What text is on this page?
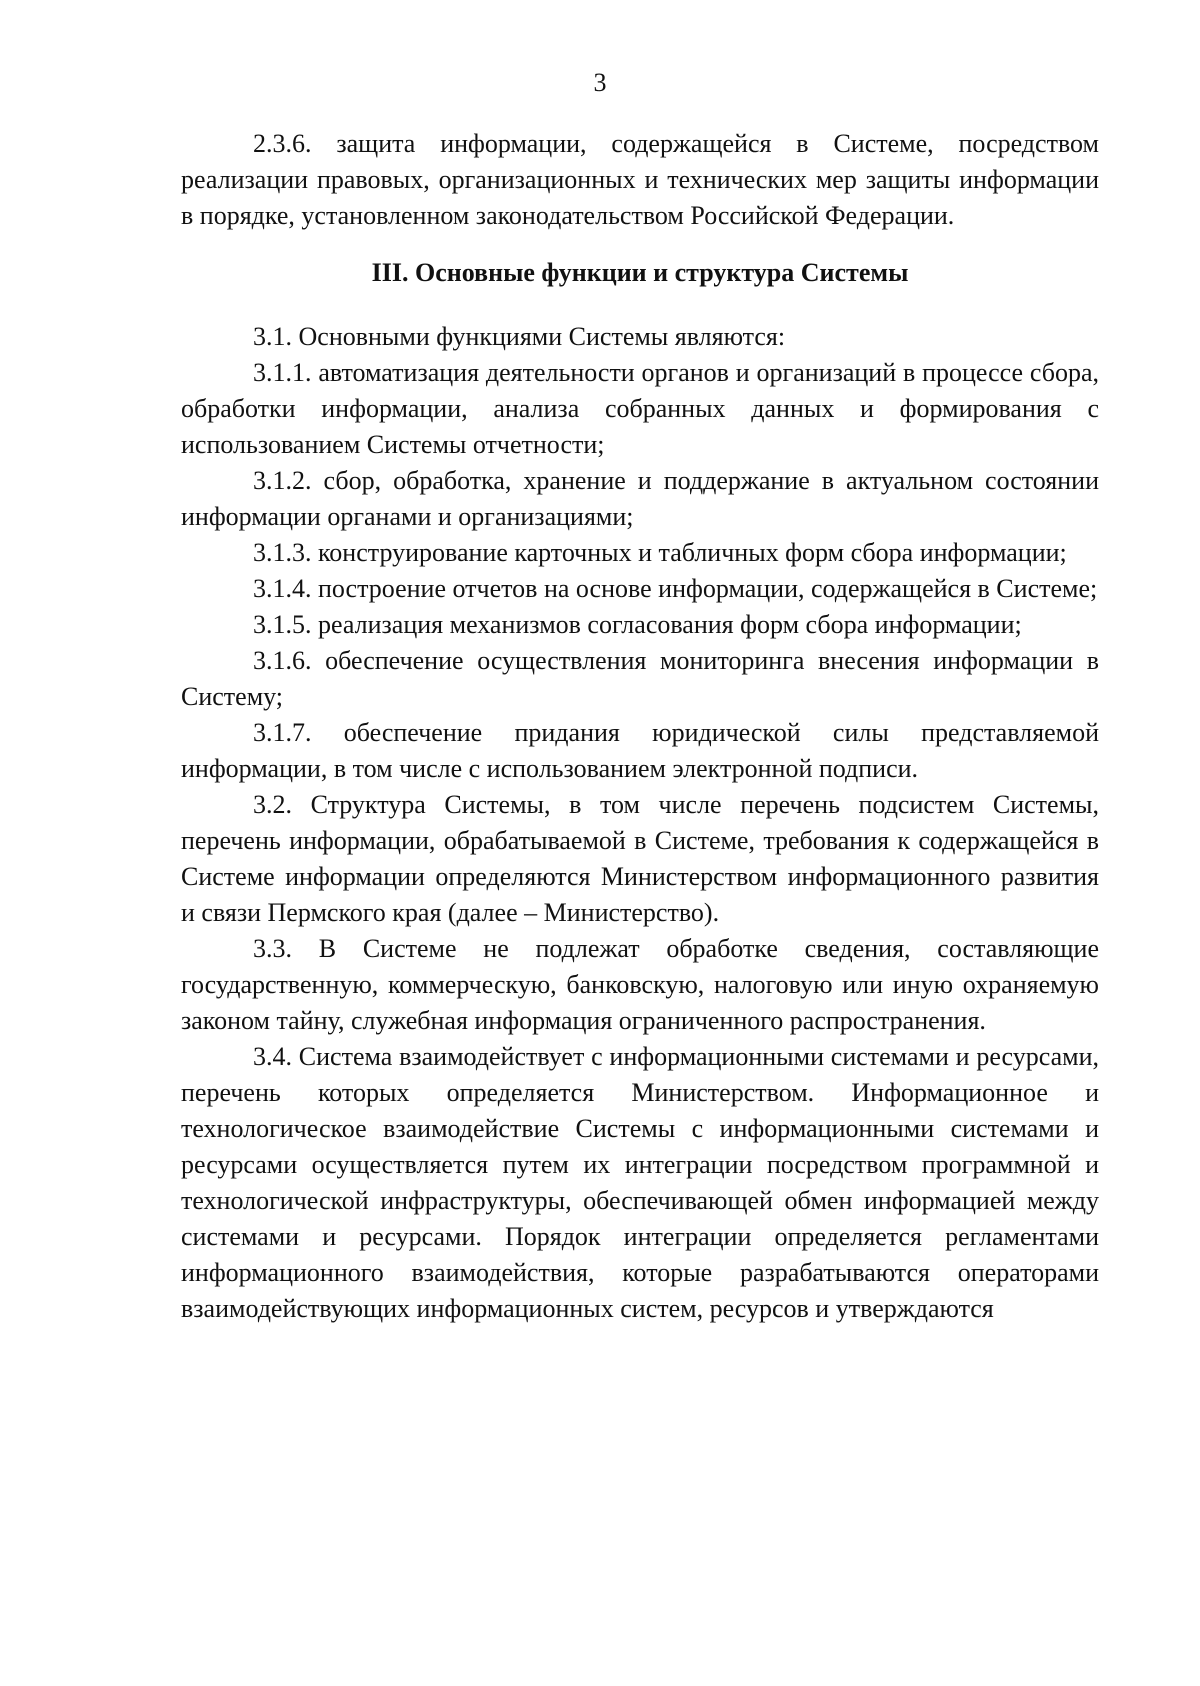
3

2.3.6. защита информации, содержащейся в Системе, посредством реализации правовых, организационных и технических мер защиты информации в порядке, установленном законодательством Российской Федерации.

III. Основные функции и структура Системы

3.1. Основными функциями Системы являются:

3.1.1. автоматизация деятельности органов и организаций в процессе сбора, обработки информации, анализа собранных данных и формирования с использованием Системы отчетности;

3.1.2. сбор, обработка, хранение и поддержание в актуальном состоянии информации органами и организациями;

3.1.3. конструирование карточных и табличных форм сбора информации;

3.1.4. построение отчетов на основе информации, содержащейся в Системе;

3.1.5. реализация механизмов согласования форм сбора информации;

3.1.6. обеспечение осуществления мониторинга внесения информации в Систему;

3.1.7. обеспечение придания юридической силы представляемой информации, в том числе с использованием электронной подписи.

3.2. Структура Системы, в том числе перечень подсистем Системы, перечень информации, обрабатываемой в Системе, требования к содержащейся в Системе информации определяются Министерством информационного развития и связи Пермского края (далее – Министерство).

3.3. В Системе не подлежат обработке сведения, составляющие государственную, коммерческую, банковскую, налоговую или иную охраняемую законом тайну, служебная информация ограниченного распространения.

3.4. Система взаимодействует с информационными системами и ресурсами, перечень которых определяется Министерством. Информационное и технологическое взаимодействие Системы с информационными системами и ресурсами осуществляется путем их интеграции посредством программной и технологической инфраструктуры, обеспечивающей обмен информацией между системами и ресурсами. Порядок интеграции определяется регламентами информационного взаимодействия, которые разрабатываются операторами взаимодействующих информационных систем, ресурсов и утверждаются
